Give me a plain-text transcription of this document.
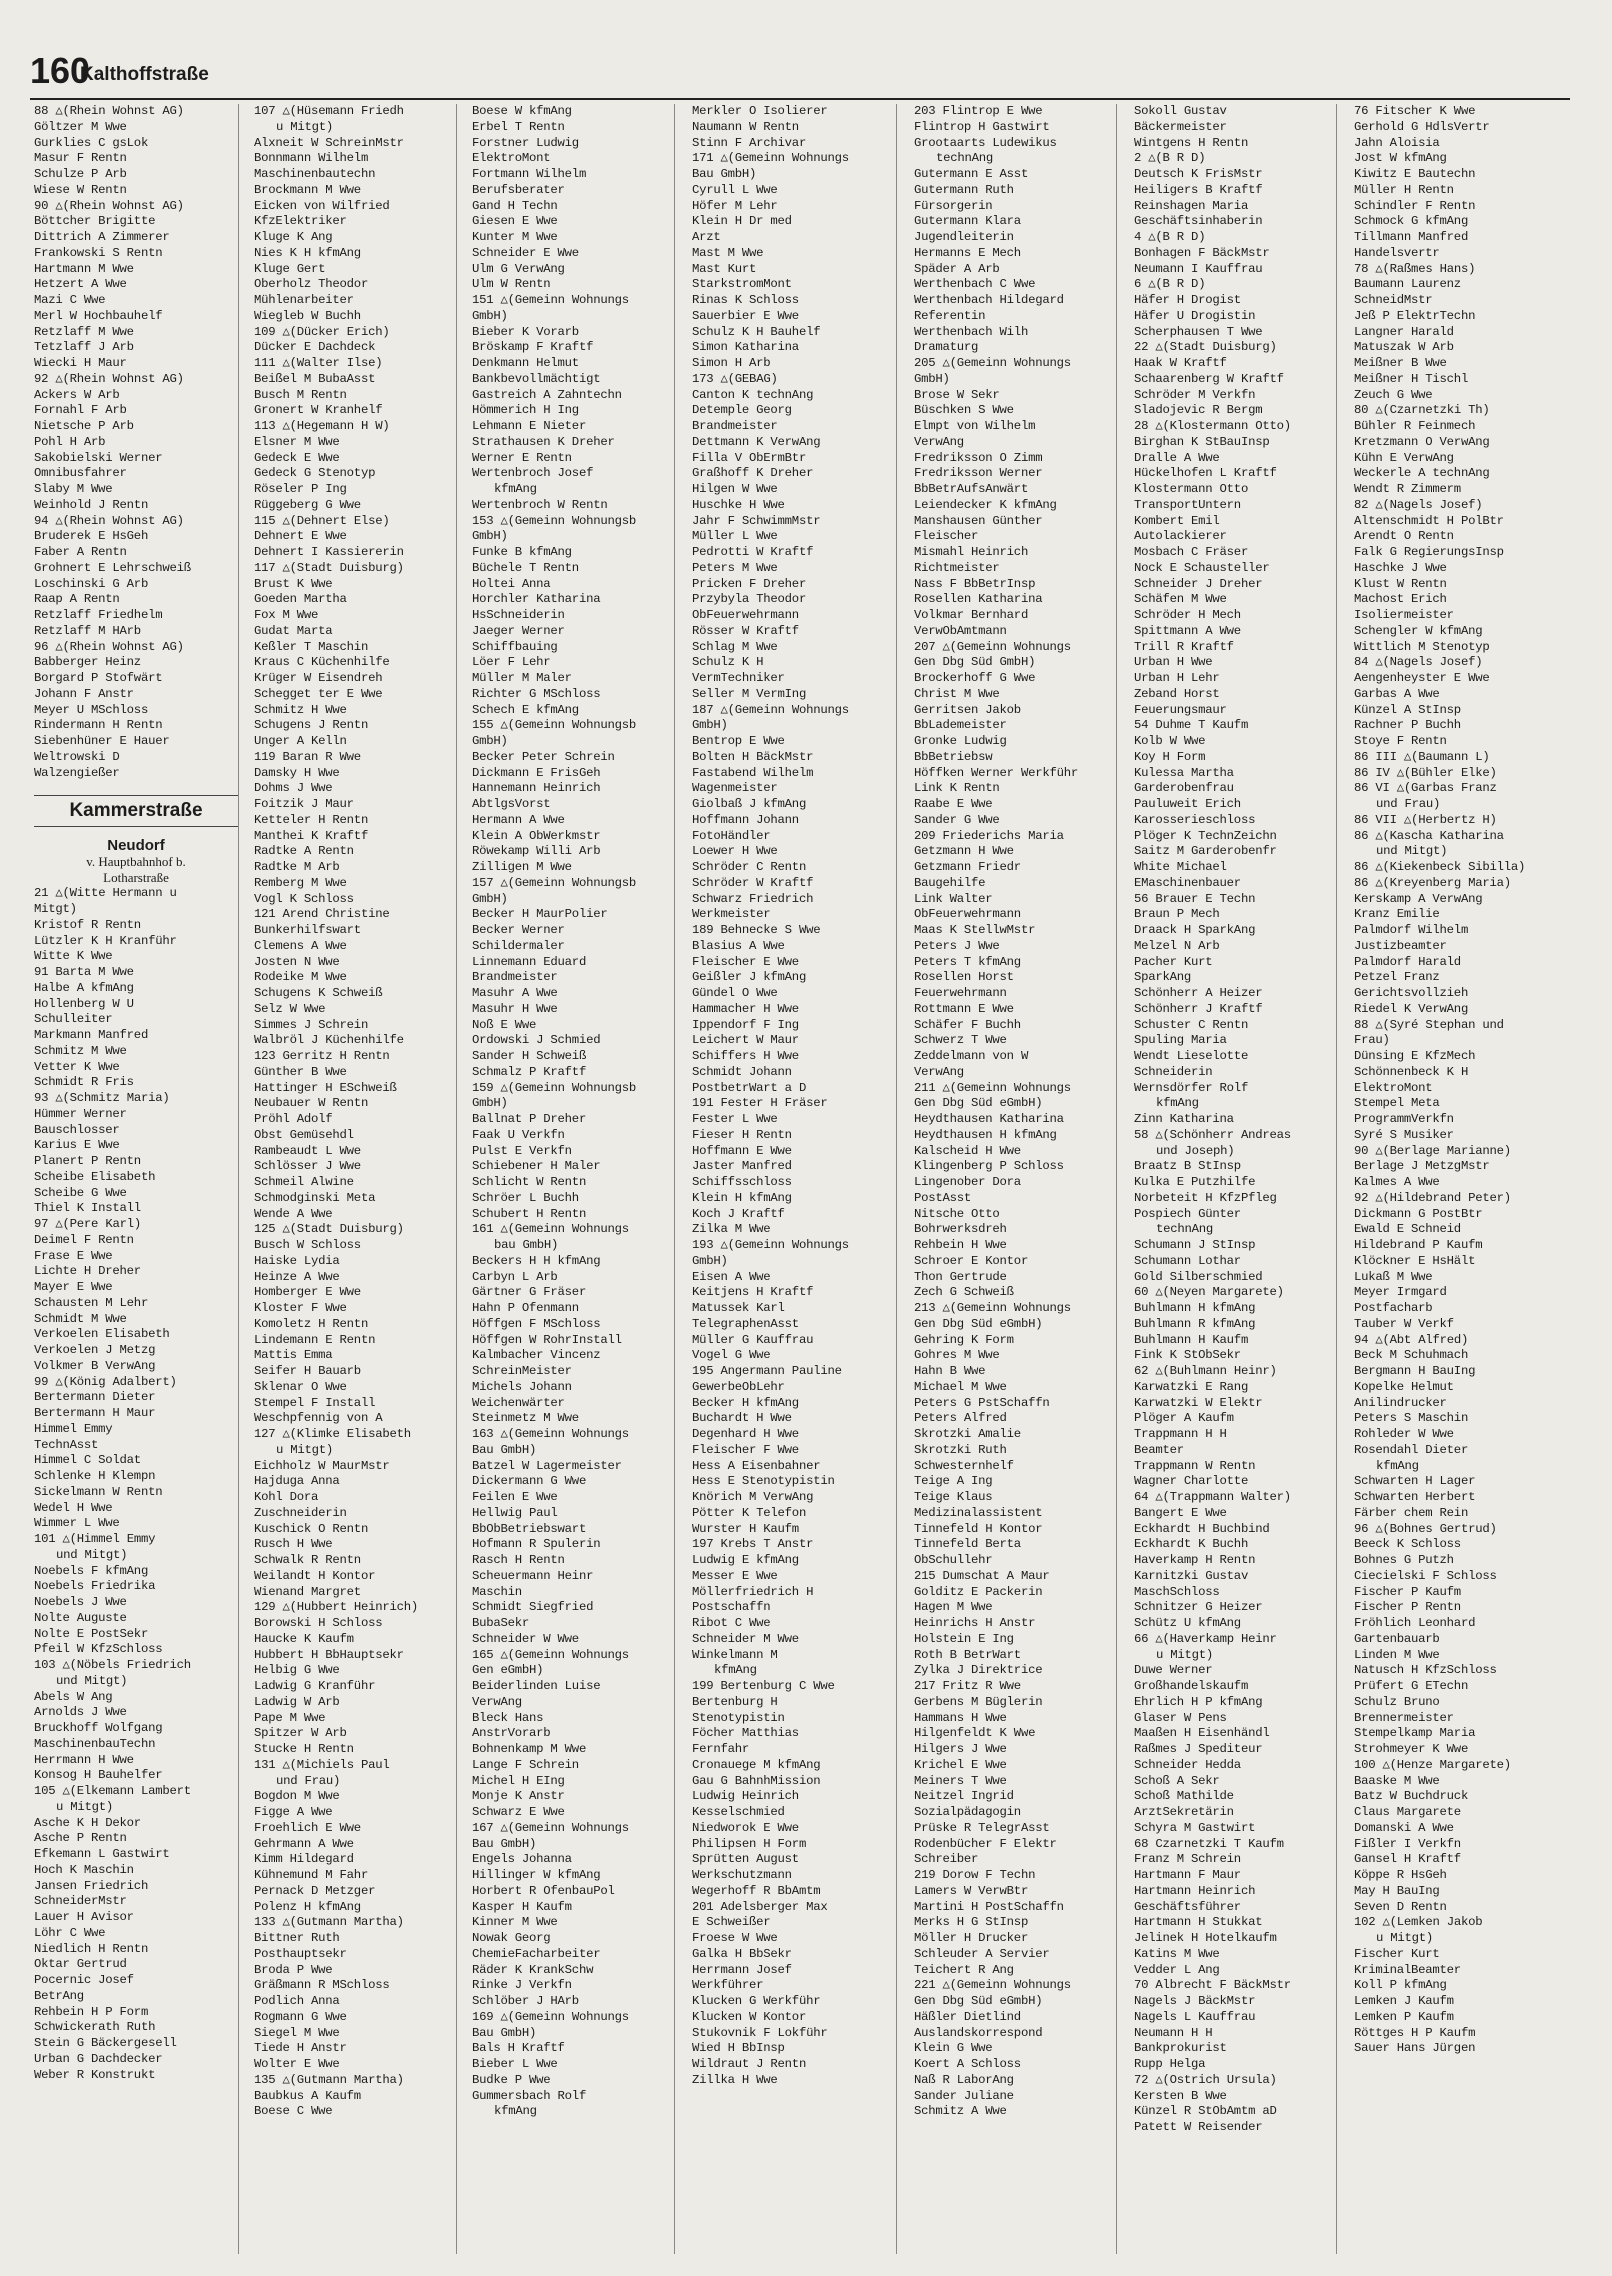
160
Kalthoffstraße
88 △(Rhein Wohnst AG)
Göltzer M Wwe
Gurklies C gsLok
Masur F Rentn
Schulze P Arb
Wiese W Rentn
90 △(Rhein Wohnst AG)
Böttcher Brigitte
Dittrich A Zimmerer
Frankowski S Rentn
Hartmann M Wwe
Hetzert A Wwe
Mazi C Wwe
Merl W Hochbauhelf
Retzlaff M Wwe
Tetzlaff J Arb
Wiecki H Maur
92 △(Rhein Wohnst AG)
Ackers W Arb
Fornahl F Arb
Nietsche P Arb
Pohl H Arb
Sakobielski Werner
Omnibusfahrer
Slaby M Wwe
Weinhold J Rentn
94 △(Rhein Wohnst AG)
Bruderek E HsGeh
Faber A Rentn
Grohnert E Lehrschweiß
Loschinski G Arb
Raap A Rentn
Retzlaff Friedhelm
Retzlaff M HArb
96 △(Rhein Wohnst AG)
Babberger Heinz
Borgard P Stofwärt
Johann F Anstr
Meyer U MSchloss
Rindermann H Rentn
Siebenhüner E Hauer
Weltrowski D
Walzengießer
Kammerstraße
Neudorf
v. Hauptbahnhof b.
Lotharstraße
21 △(Witte Hermann u
Mitgt)
Kristof R Rentn
Lützler K H Kranführ
Witte K Wwe
91 Barta M Wwe
Halbe A kfmAng
Hollenberg W U
Schulleiter
Markmann Manfred
Schmitz M Wwe
Vetter K Wwe
Schmidt R Fris
93 △(Schmitz Maria)
Hümmer Werner
Bauschlosser
Karius E Wwe
Planert P Rentn
Scheibe Elisabeth
Scheibe G Wwe
Thiel K Install
97 △(Pere Karl)
Deimel F Rentn
Frase E Wwe
Lichte H Dreher
Mayer E Wwe
Schausten M Lehr
Schmidt M Wwe
Verkoelen Elisabeth
Verkoelen J Metzg
Volkmer B VerwAng
99 △(König Adalbert)
Bertermann Dieter
Bertermann H Maur
Himmel Emmy
TechnAsst
Himmel C Soldat
Schlenke H Klempn
Sickelmann W Rentn
Wedel H Wwe
Wimmer L Wwe
101 △(Himmel Emmy
und Mitgt)
Noebels F kfmAng
Noebels Friedrika
Noebels J Wwe
Nolte Auguste
Nolte E PostSekr
Pfeil W KfzSchloss
103 △(Nöbels Friedrich
und Mitgt)
Abels W Ang
Arnolds J Wwe
Bruckhoff Wolfgang
MaschinenbauTechn
Herrmann H Wwe
Konsog H Bauhelfer
105 △(Elkemann Lambert
u Mitgt)
Asche K H Dekor
Asche P Rentn
Efkemann L Gastwirt
Hoch K Maschin
Jansen Friedrich
SchneiderMstr
Lauer H Avisor
Löhr C Wwe
Niedlich H Rentn
Oktar Gertrud
Pocernic Josef
BetrAng
Rehbein H P Form
Schwickerath Ruth
Stein G Bäckergesell
Urban G Dachdecker
Weber R Konstrukt
107 △(Hüsemann Friedh
u Mitgt)
Alxneit W SchreinMstr
Bonnmann Wilhelm
Maschinenbautechn
Brockmann M Wwe
Eicken von Wilfried
KfzElektriker
Kluge K Ang
Nies K H kfmAng
Kluge Gert
Oberholz Theodor
Mühlenarbeiter
Wiegleb W Buchh
109 △(Dücker Erich)
Dücker E Dachdeck
111 △(Walter Ilse)
Beißel M BubaAsst
Busch M Rentn
Gronert W Kranhelf
113 △(Hegemann H W)
Elsner M Wwe
Gedeck E Wwe
Gedeck G Stenotyp
Röseler P Ing
Rüggeberg G Wwe
115 △(Dehnert Else)
Dehnert E Wwe
Dehnert I Kassiererin
117 △(Stadt Duisburg)
Brust K Wwe
Goeden Martha
Fox M Wwe
Gudat Marta
Keßler T Maschin
Kraus C Küchenhilfe
Krüger W Eisendreh
Schegget ter E Wwe
Schmitz H Wwe
Schugens J Rentn
Unger A Kelln
119 Baran R Wwe
Damsky H Wwe
Dohms J Wwe
Foitzik J Maur
Ketteler H Rentn
Manthei K Kraftf
Radtke A Rentn
Radtke M Arb
Remberg M Wwe
Vogl K Schloss
121 Arend Christine
Bunkerhilfswart
Clemens A Wwe
Josten N Wwe
Rodeike M Wwe
Schugens K Schweiß
Selz W Wwe
Simmes J Schrein
Walbröl J Küchenhilfe
123 Gerritz H Rentn
Günther B Wwe
Hattinger H ESchweiß
Neubauer W Rentn
Pröhl Adolf
Obst Gemüsehdl
Rambeaudt L Wwe
Schlösser J Wwe
Schmeil Alwine
Schmodginski Meta
Wende A Wwe
125 △(Stadt Duisburg)
Busch W Schloss
Haiske Lydia
Heinze A Wwe
Homberger E Wwe
Kloster F Wwe
Komoletz H Rentn
Lindemann E Rentn
Mattis Emma
Seifer H Bauarb
Sklenar O Wwe
Stempel F Install
Weschpfennig von A
127 △(Klimke Elisabeth
u Mitgt)
Eichholz W MaurMstr
Hajduga Anna
Kohl Dora
Zuschneiderin
Kuschick O Rentn
Rusch H Wwe
Schwalk R Rentn
Weilandt H Kontor
Wienand Margret
129 △(Hubbert Heinrich)
Borowski H Schloss
Haucke K Kaufm
Hubbert H BbHauptsekr
Helbig G Wwe
Ladwig G Kranführ
Ladwig W Arb
Pape M Wwe
Spitzer W Arb
Stucke H Rentn
131 △(Michiels Paul
und Frau)
Bogdon M Wwe
Figge A Wwe
Froehlich E Wwe
Gehrmann A Wwe
Kimm Hildegard
Kühnemund M Fahr
Pernack D Metzger
Polenz H kfmAng
133 △(Gutmann Martha)
Bittner Ruth
Posthauptsekr
Broda P Wwe
Gräßmann R MSchloss
Podlich Anna
Rogmann G Wwe
Siegel M Wwe
Tiede H Anstr
Wolter E Wwe
135 △(Gutmann Martha)
Baubkus A Kaufm
Boese C Wwe
Boese W kfmAng
Erbel T Rentn
Forstner Ludwig
ElektroMont
Fortmann Wilhelm
Berufsberater
Gand H Techn
Giesen E Wwe
Kunter M Wwe
Schneider E Wwe
Ulm G VerwAng
Ulm W Rentn
151 △(Gemeinn Wohnungs
GmbH)
Bieber K Vorarb
Bröskamp F Kraftf
Denkmann Helmut
Bankbevollmächtigt
Gastreich A Zahntechn
Hömmerich H Ing
Lehmann E Nieter
Strathausen K Dreher
Werner E Rentn
Wertenbroch Josef
kfmAng
Wertenbroch W Rentn
153 △(Gemeinn Wohnungsb
GmbH)
Funke B kfmAng
Büchele T Rentn
Holtei Anna
Horchler Katharina
HsSchneiderin
Jaeger Werner
Schiffbauing
Löer F Lehr
Müller M Maler
Richter G MSchloss
Schech E kfmAng
155 △(Gemeinn Wohnungsb
GmbH)
Becker Peter Schrein
Dickmann E FrisGeh
Hannemann Heinrich
AbtlgsVorst
Hermann A Wwe
Klein A ObWerkmstr
Röwekamp Willi Arb
Zilligen M Wwe
157 △(Gemeinn Wohnungsb
GmbH)
Becker H MaurPolier
Becker Werner
Schildermaler
Linnemann Eduard
Brandmeister
Masuhr A Wwe
Masuhr H Wwe
Noß E Wwe
Ordowski J Schmied
Sander H Schweiß
Schmalz P Kraftf
159 △(Gemeinn Wohnungsb
GmbH)
Ballnat P Dreher
Faak U Verkfn
Pulst E Verkfn
Schiebener H Maler
Schlicht W Rentn
Schröer L Buchh
Schubert H Rentn
161 △(Gemeinn Wohnungs
bau GmbH)
Beckers H H kfmAng
Carbyn L Arb
Gärtner G Fräser
Hahn P Ofenmann
Höffgen F MSchloss
Höffgen W RohrInstall
Kalmbacher Vincenz
SchreinMeister
Michels Johann
Weichenwärter
Steinmetz M Wwe
163 △(Gemeinn Wohnungs
Bau GmbH)
Batzel W Lagermeister
Dickermann G Wwe
Feilen E Wwe
Hellwig Paul
BbObBetriebswart
Hofmann R Spulerin
Rasch H Rentn
Scheuermann Heinr
Maschin
Schmidt Siegfried
BubaSekr
Schneider W Wwe
165 △(Gemeinn Wohnungs
Gen eGmbH)
Beiderlinden Luise
VerwAng
Bleck Hans
AnstrVorarb
Bohnenkamp M Wwe
Lange F Schrein
Michel H EIng
Monje K Anstr
Schwarz E Wwe
167 △(Gemeinn Wohnungs
Bau GmbH)
Engels Johanna
Hillinger W kfmAng
Horbert R OfenbauPol
Kasper H Kaufm
Kinner M Wwe
Nowak Georg
ChemieFacharbeiter
Räder K KrankSchw
Rinke J Verkfn
Schlöber J HArb
169 △(Gemeinn Wohnungs
Bau GmbH)
Bals H Kraftf
Bieber L Wwe
Budke P Wwe
Gummersbach Rolf
kfmAng
Merkler O Isolierer
Naumann W Rentn
Stinn F Archivar
171 △(Gemeinn Wohnungs
Bau GmbH)
Cyrull L Wwe
Höfer M Lehr
Klein H Dr med
Arzt
Mast M Wwe
Mast Kurt
StarkstromMont
Rinas K Schloss
Sauerbier E Wwe
Schulz K H Bauhelf
Simon Katharina
Simon H Arb
173 △(GEBAG)
Canton K technAng
Detemple Georg
Brandmeister
Dettmann K VerwAng
Filla V ObErmBtr
Graßhoff K Dreher
Hilgen W Wwe
Huschke H Wwe
Jahr F SchwimmMstr
Müller L Wwe
Pedrotti W Kraftf
Peters M Wwe
Pricken F Dreher
Przybyla Theodor
ObFeuerwehrmann
Rösser W Kraftf
Schlag M Wwe
Schulz K H
VermTechniker
Seller M VermIng
187 △(Gemeinn Wohnungs
GmbH)
Bentrop E Wwe
Bolten H BäckMstr
Fastabend Wilhelm
Wagenmeister
Giolbaß J kfmAng
Hoffmann Johann
FotoHändler
Loewer H Wwe
Schröder C Rentn
Schröder W Kraftf
Schwarz Friedrich
Werkmeister
189 Behnecke S Wwe
Blasius A Wwe
Fleischer E Wwe
Geißler J kfmAng
Gündel O Wwe
Hammacher H Wwe
Ippendorf F Ing
Leichert W Maur
Schiffers H Wwe
Schmidt Johann
PostbetrWart a D
191 Fester H Fräser
Fester L Wwe
Fieser H Rentn
Hoffmann E Wwe
Jaster Manfred
Schiffsschloss
Klein H kfmAng
Koch J Kraftf
Zilka M Wwe
193 △(Gemeinn Wohnungs
GmbH)
Eisen A Wwe
Keitjens H Kraftf
Matussek Karl
TelegraphenAsst
Müller G Kauffrau
Vogel G Wwe
195 Angermann Pauline
GewerbeObLehr
Becker H kfmAng
Buchardt H Wwe
Degenhard H Wwe
Fleischer F Wwe
Hess A Eisenbahner
Hess E Stenotypistin
Knörich M VerwAng
Pötter K Telefon
Wurster H Kaufm
197 Krebs T Anstr
Ludwig E kfmAng
Messer E Wwe
Möllerfriedrich H
Postschaffn
Ribot C Wwe
Schneider M Wwe
Winkelmann M
kfmAng
199 Bertenburg C Wwe
Bertenburg H
Stenotypistin
Föcher Matthias
Fernfahr
Cronauege M kfmAng
Gau G BahnhMission
Ludwig Heinrich
Kesselschmied
Niedworok E Wwe
Philipsen H Form
Sprütten August
Werkschutzmann
Wegerhoff R BbAmtm
201 Adelsberger Max
E Schweißer
Froese W Wwe
Galka H BbSekr
Herrmann Josef
Werkführer
Klucken G Werkführ
Klucken W Kontor
Stukovnik F Lokführ
Wied H BbInsp
Wildraut J Rentn
Zillka H Wwe
203 Flintrop E Wwe
Flintrop H Gastwirt
Grootaarts Ludewikus
technAng
Gutermann E Asst
Gutermann Ruth
Fürsorgerin
Gutermann Klara
Jugendleiterin
Hermanns E Mech
Späder A Arb
Werthenbach C Wwe
Werthenbach Hildegard
Referentin
Werthenbach Wilh
Dramaturg
205 △(Gemeinn Wohnungs
GmbH)
Brose W Sekr
Büschken S Wwe
Elmpt von Wilhelm
VerwAng
Fredriksson O Zimm
Fredriksson Werner
BbBetrAufsAnwärt
Leiendecker K kfmAng
Manshausen Günther
Fleischer
Mismahl Heinrich
Richtmeister
Nass F BbBetrInsp
Rosellen Katharina
Volkmar Bernhard
VerwObAmtmann
207 △(Gemeinn Wohnungs
Gen Dbg Süd GmbH)
Brockerhoff G Wwe
Christ M Wwe
Gerritsen Jakob
BbLademeister
Gronke Ludwig
BbBetriebsw
Höffken Werner Werkführ
Link K Rentn
Raabe E Wwe
Sander G Wwe
209 Friederichs Maria
Getzmann H Wwe
Getzmann Friedr
Baugehilfe
Link Walter
ObFeuerwehrmann
Maas K StellwMstr
Peters J Wwe
Peters T kfmAng
Rosellen Horst
Feuerwehrmann
Rottmann E Wwe
Schäfer F Buchh
Schwerz T Wwe
Zeddelmann von W
VerwAng
211 △(Gemeinn Wohnungs
Gen Dbg Süd eGmbH)
Heydthausen Katharina
Heydthausen H kfmAng
Kalscheid H Wwe
Klingenberg P Schloss
Lingenober Dora
PostAsst
Nitsche Otto
Bohrwerksdreh
Rehbein H Wwe
Schroer E Kontor
Thon Gertrude
Zech G Schweiß
213 △(Gemeinn Wohnungs
Gen Dbg Süd eGmbH)
Gehring K Form
Gohres M Wwe
Hahn B Wwe
Michael M Wwe
Peters G PstSchaffn
Peters Alfred
Skrotzki Amalie
Skrotzki Ruth
Schwesternhelf
Teige A Ing
Teige Klaus
Medizinalassistent
Tinnefeld H Kontor
Tinnefeld Berta
ObSchullehr
215 Dumschat A Maur
Golditz E Packerin
Hagen M Wwe
Heinrichs H Anstr
Holstein E Ing
Roth B BetrWart
Zylka J Direktrice
217 Fritz R Wwe
Gerbens M Büglerin
Hammans H Wwe
Hilgenfeldt K Wwe
Hilgers J Wwe
Krichel E Wwe
Meiners T Wwe
Neitzel Ingrid
Sozialpädagogin
Prüske R TelegrAsst
Rodenbücher F Elektr
Schreiber
219 Dorow F Techn
Lamers W VerwBtr
Martini H PostSchaffn
Merks H G StInsp
Möller H Drucker
Schleuder A Servier
Teichert R Ang
221 △(Gemeinn Wohnungs
Gen Dbg Süd eGmbH)
Häßler Dietlind
Auslandskorrespond
Klein G Wwe
Koert A Schloss
Naß R LaborAng
Sander Juliane
Schmitz A Wwe
Sokoll Gustav
Bäckermeister
Wintgens H Rentn
2 △(B R D)
Deutsch K FrisMstr
Heiligers B Kraftf
Reinshagen Maria
Geschäftsinhaberin
4 △(B R D)
Bonhagen F BäckMstr
Neumann I Kauffrau
6 △(B R D)
Häfer H Drogist
Häfer U Drogistin
Scherphausen T Wwe
22 △(Stadt Duisburg)
Haak W Kraftf
Schaarenberg W Kraftf
Schröder M Verkfn
Sladojevic R Bergm
28 △(Klostermann Otto)
Birghan K StBauInsp
Dralle A Wwe
Hückelhofen L Kraftf
Klostermann Otto
TransportUntern
Kombert Emil
Autolackierer
Mosbach C Fräser
Nock E Schausteller
Schneider J Dreher
Schäfen M Wwe
Schröder H Mech
Spittmann A Wwe
Trill R Kraftf
Urban H Wwe
Urban H Lehr
Zeband Horst
Feuerungsmaur
54 Duhme T Kaufm
Kolb W Wwe
Koy H Form
Kulessa Martha
Garderobenfrau
Pauluweit Erich
Karosserieschloss
Plöger K TechnZeichn
Saitz M Garderobenfr
White Michael
EMaschinenbauer
56 Brauer E Techn
Braun P Mech
Draack H SparkAng
Melzel N Arb
Pacher Kurt
SparkAng
Schönherr A Heizer
Schönherr J Kraftf
Schuster C Rentn
Spuling Maria
Wendt Lieselotte
Schneiderin
Wernsdörfer Rolf
kfmAng
Zinn Katharina
58 △(Schönherr Andreas
und Joseph)
Braatz B StInsp
Kulka E Putzhilfe
Norbeteit H KfzPfleg
Pospiech Günter
technAng
Schumann J StInsp
Schumann Lothar
Gold Silberschmied
60 △(Neyen Margarete)
Buhlmann H kfmAng
Buhlmann R kfmAng
Buhlmann H Kaufm
Fink K StObSekr
62 △(Buhlmann Heinr)
Karwatzki E Rang
Karwatzki W Elektr
Plöger A Kaufm
Trappmann H H
Beamter
Trappmann W Rentn
Wagner Charlotte
64 △(Trappmann Walter)
Bangert E Wwe
Eckhardt H Buchbind
Eckhardt K Buchh
Haverkamp H Rentn
Karnitzki Gustav
MaschSchloss
Schnitzer G Heizer
Schütz U kfmAng
66 △(Haverkamp Heinr
u Mitgt)
Duwe Werner
Großhandelskaufm
Ehrlich H P kfmAng
Glaser W Pens
Maaßen H Eisenhändl
Raßmes J Spediteur
Schneider Hedda
Schoß A Sekr
Schoß Mathilde
ArztSekretärin
Schyra M Gastwirt
68 Czarnetzki T Kaufm
Franz M Schrein
Hartmann F Maur
Hartmann Heinrich
Geschäftsführer
Hartmann H Stukkat
Jelinek H Hotelkaufm
Katins M Wwe
Vedder L Ang
70 Albrecht F BäckMstr
Nagels J BäckMstr
Nagels L Kauffrau
Neumann H H
Bankprokurist
Rupp Helga
72 △(Ostrich Ursula)
Kersten B Wwe
Künzel R StObAmtm aD
Patett W Reisender
76 Fitscher K Wwe
Gerhold G HdlsVertr
Jahn Aloisia
Jost W kfmAng
Kiwitz E Bautechn
Müller H Rentn
Schindler F Rentn
Schmock G kfmAng
Tillmann Manfred
Handelsvertr
78 △(Raßmes Hans)
Baumann Laurenz
SchneidMstr
Jeß P ElektrTechn
Langner Harald
Matuszak W Arb
Meißner B Wwe
Meißner H Tischl
Zeuch G Wwe
80 △(Czarnetzki Th)
Bühler R Feinmech
Kretzmann O VerwAng
Kühn E VerwAng
Weckerle A technAng
Wendt R Zimmerm
82 △(Nagels Josef)
Altenschmidt H PolBtr
Arendt O Rentn
Falk G RegierungsInsp
Haschke J Wwe
Klust W Rentn
Machost Erich
Isoliermeister
Schengler W kfmAng
Wittlich M Stenotyp
84 △(Nagels Josef)
Aengenheyster E Wwe
Garbas A Wwe
Künzel A StInsp
Rachner P Buchh
Stoye F Rentn
86 III △(Baumann L)
86 IV △(Bühler Elke)
86 VI △(Garbas Franz
und Frau)
86 VII △(Herbertz H)
86 △(Kascha Katharina
und Mitgt)
86 △(Kiekenbeck Sibilla)
86 △(Kreyenberg Maria)
Kerskamp A VerwAng
Kranz Emilie
Palmdorf Wilhelm
Justizbeamter
Palmdorf Harald
Petzel Franz
Gerichtsvollzieh
Riedel K VerwAng
88 △(Syré Stephan und
Frau)
Dünsing E KfzMech
Schönnenbeck K H
ElektroMont
Stempel Meta
ProgrammVerkfn
Syré S Musiker
90 △(Berlage Marianne)
Berlage J MetzgMstr
Kalmes A Wwe
92 △(Hildebrand Peter)
Dickmann G PostBtr
Ewald E Schneid
Hildebrand P Kaufm
Klöckner E HsHält
Lukaß M Wwe
Meyer Irmgard
Postfacharb
Tauber W Verkf
94 △(Abt Alfred)
Beck M Schuhmach
Bergmann H BauIng
Kopelke Helmut
Anilindrucker
Peters S Maschin
Rohleder W Wwe
Rosendahl Dieter
kfmAng
Schwarten H Lager
Schwarten Herbert
Färber chem Rein
96 △(Bohnes Gertrud)
Beeck K Schloss
Bohnes G Putzh
Ciecielski F Schloss
Fischer P Kaufm
Fischer P Rentn
Fröhlich Leonhard
Gartenbauarb
Linden M Wwe
Natusch H KfzSchloss
Prüfert G ETechn
Schulz Bruno
Brennermeister
Stempelkamp Maria
Strohmeyer K Wwe
100 △(Henze Margarete)
Baaske M Wwe
Batz W Buchdruck
Claus Margarete
Domanski A Wwe
Fißler I Verkfn
Gansel H Kraftf
Köppe R HsGeh
May H BauIng
Seven D Rentn
102 △(Lemken Jakob
u Mitgt)
Fischer Kurt
KriminalBeamter
Koll P kfmAng
Lemken J Kaufm
Lemken P Kaufm
Röttges H P Kaufm
Sauer Hans Jürgen
